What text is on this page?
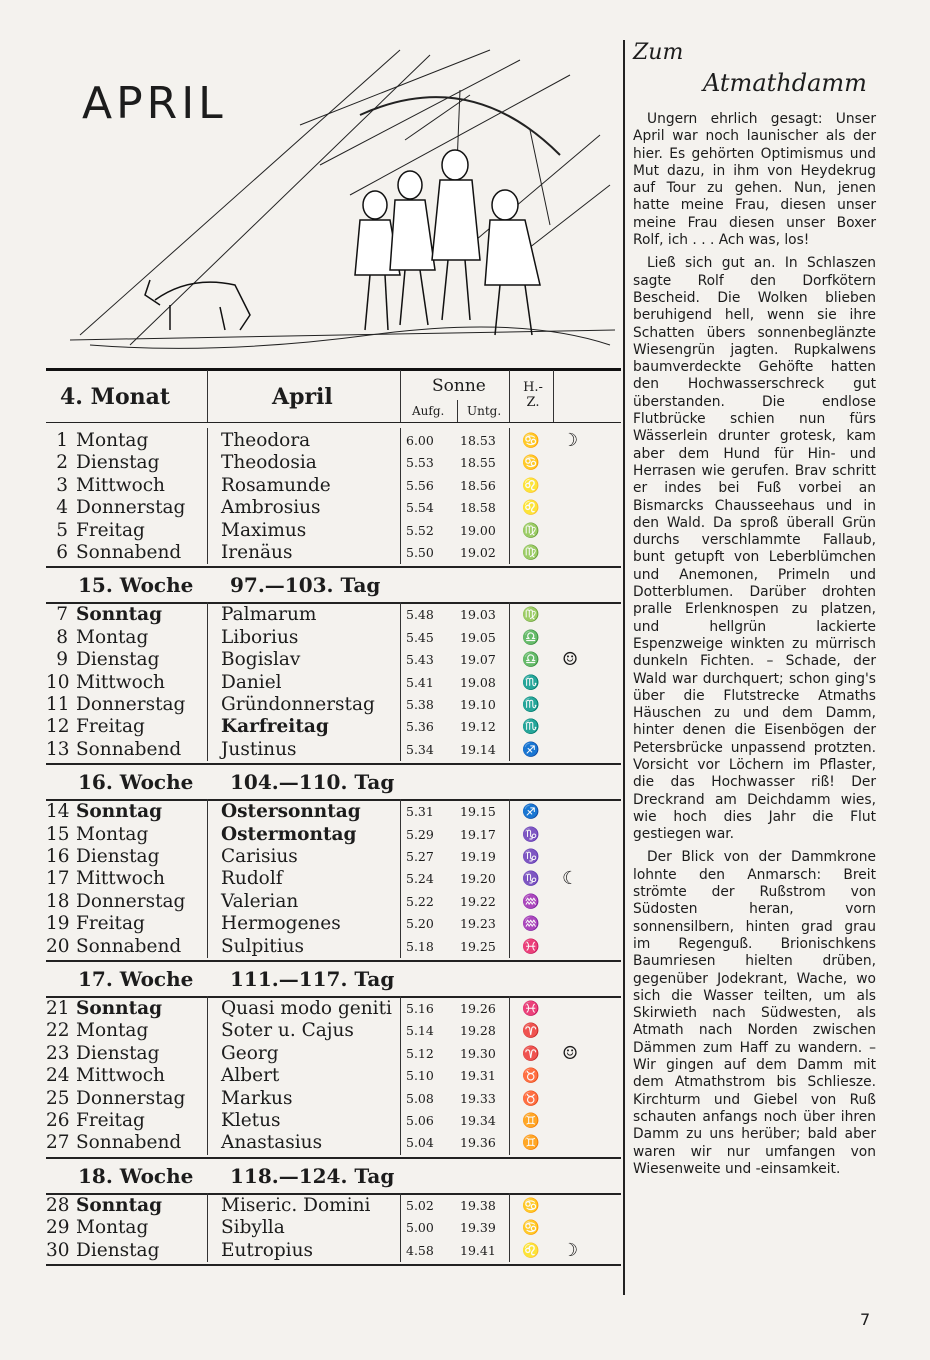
APRIL
4. Monat	April	Sonne
Aufg. Untg.
H.-Z.
1 Montag	Theodora	6.00 18.53 ♋ ☽
2 Dienstag	Theodosia	5.53 18.55 ♋
3 Mittwoch	Rosamunde	5.56 18.56 ♌
4 Donnerstag Ambrosius	5.54 18.58 ♌
5 Freitag	Maximus	5.52 19.00 ♍
6 Sonnabend Irenäus	5.50 19.02 ♍
15. Woche 97.—103. Tag
7 Sonntag	Palmarum	5.48 19.03 ♍
8 Montag	Liborius	5.45 19.05 ♎
9 Dienstag	Bogislav	5.43 19.07 ♎ ☺
10 Mittwoch	Daniel	5.41 19.08 ♏
11 Donnerstag Gründonnerstag 5.38 19.10 ♏
12 Freitag	Karfreitag	5.36 19.12 ♏
13 Sonnabend Justinus	5.34 19.14 ♐
16. Woche 104.—110. Tag
14 Sonntag	Ostersonntag	5.31 19.15 ♐
15 Montag	Ostermontag	5.29 19.17 ♑
16 Dienstag	Carisius	5.27 19.19 ♑
17 Mittwoch	Rudolf	5.24 19.20 ♑ ☾
18 Donnerstag Valerian	5.22 19.22 ♒
19 Freitag	Hermogenes	5.20 19.23 ♒
20 Sonnabend Sulpitius	5.18 19.25 ♓
17. Woche 111.—117. Tag
21 Sonntag	Quasi modo geniti 5.16 19.26 ♓
22 Montag	Soter u. Cajus	5.14 19.28 ♈
23 Dienstag	Georg	5.12 19.30 ♈ ☺
24 Mittwoch	Albert	5.10 19.31 ♉
25 Donnerstag Markus	5.08 19.33 ♉
26 Freitag	Kletus	5.06 19.34 ♊
27 Sonnabend Anastasius	5.04 19.36 ♊
18. Woche 118.—124. Tag
28 Sonntag	Miseric. Domini	5.02 19.38 ♋
29 Montag	Sibylla	5.00 19.39 ♋
30 Dienstag	Eutropius	4.58 19.41 ♌ ☽
Zum
Atmathdamm

Ungern ehrlich gesagt: Unser April war noch launischer als der hier. Es gehörten Optimismus und Mut dazu, in ihm von Heydekrug auf Tour zu gehen. Nun, jenen hatte meine Frau, diesen unser meine Frau diesen unser Boxer Rolf, ich . . . Ach was, los!

Ließ sich gut an. In Schlaszen sagte Rolf den Dorfkötern Bescheid. Die Wolken blieben beruhigend hell, wenn sie ihre Schatten übers sonnenbeglänzte Wiesengrün jagten. Rupkalwens baumverdeckte Gehöfte hatten den Hochwasserschreck gut überstanden. Die endlose Flutbrücke schien nun fürs Wässerlein drunter grotesk, kam aber dem Hund für Hin- und Herrasen wie gerufen. Brav schritt er indes bei Fuß vorbei an Bismarcks Chausseehaus und in den Wald. Da sproß überall Grün durchs verschlammte Fallaub, bunt getupft von Leberblümchen und Anemonen, Primeln und Dotterblumen. Darüber drohten pralle Erlenknospen zu platzen, und hellgrün lackierte Espenzweige winkten zu mürrisch dunkeln Fichten. – Schade, der Wald war durchquert; schon ging's über die Flutstrecke Atmaths Häuschen zu und dem Damm, hinter denen die Eisenbögen der Petersbrücke unpassend protzten. Vorsicht vor Löchern im Pflaster, die das Hochwasser riß! Der Dreckrand am Deichdamm wies, wie hoch dies Jahr die Flut gestiegen war.

Der Blick von der Dammkrone lohnte den Anmarsch: Breit strömte der Rußstrom von Südosten heran, vorn sonnensilbern, hinten grad grau im Regenguß. Brionischkens Baumriesen hielten drüben, gegenüber Jodekrant, Wache, wo sich die Wasser teilten, um als Skirwieth nach Südwesten, als Atmath nach Norden zwischen Dämmen zum Haff zu wandern. – Wir gingen auf dem Damm mit dem Atmathstrom bis Schliesze. Kirchturm und Giebel von Ruß schauten anfangs noch über ihren Damm zu uns herüber; bald aber waren wir nur umfangen von Wiesenweite und -einsamkeit.

7
